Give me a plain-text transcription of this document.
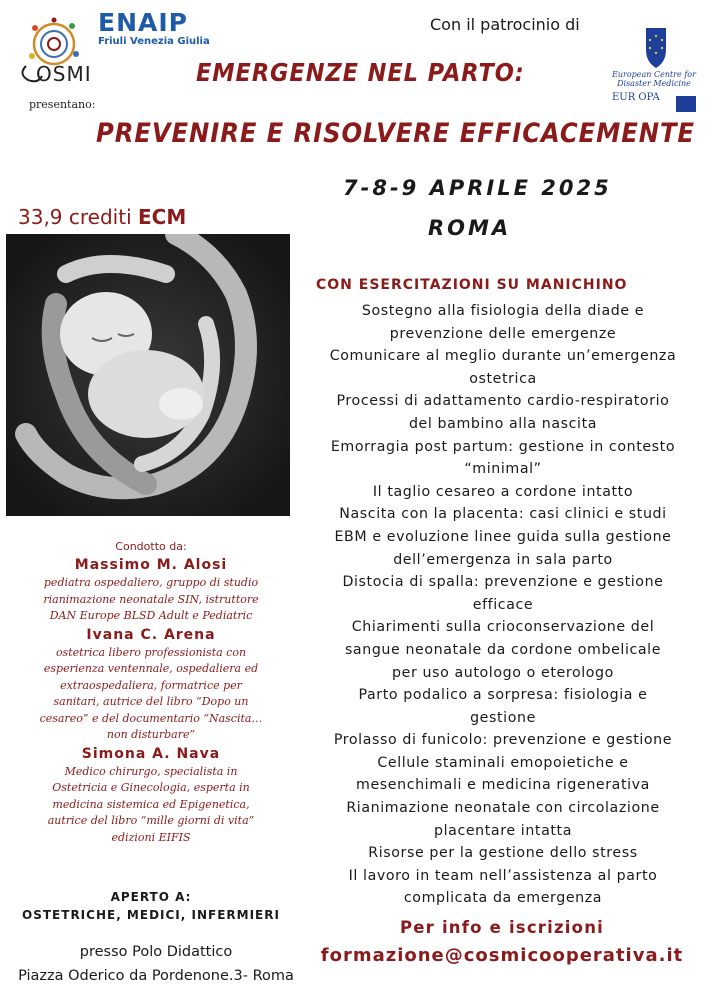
OSMI
presentano:
ENAIP
Friuli Venezia Giulia
Con il patrocinio di
European Centre for Disaster Medicine
EUR OPA
EMERGENZE NEL PARTO:
PREVENIRE E RISOLVERE EFFICACEMENTE
7-8-9 APRILE 2025
ROMA
33,9 crediti ECM
CON ESERCITAZIONI SU MANICHINO
Sostegno alla fisiologia della diade e
prevenzione delle emergenze
Comunicare al meglio durante un’emergenza
ostetrica
Processi di adattamento cardio-respiratorio
del bambino alla nascita
Emorragia post partum: gestione in contesto
“minimal”
Il taglio cesareo a cordone intatto
Nascita con la placenta: casi clinici e studi
EBM e evoluzione linee guida sulla gestione
dell’emergenza in sala parto
Distocia di spalla: prevenzione e gestione
efficace
Chiarimenti sulla crioconservazione del
sangue neonatale da cordone ombelicale
per uso autologo o eterologo
Parto podalico a sorpresa: fisiologia e
gestione
Prolasso di funicolo: prevenzione e gestione
Cellule staminali emopoietiche e
mesenchimali e medicina rigenerativa
Rianimazione neonatale con circolazione
placentare intatta
Risorse per la gestione dello stress
Il lavoro in team nell’assistenza al parto
complicata da emergenza
Condotto da:
Massimo M. Alosi
pediatra ospedaliero, gruppo di studio
rianimazione neonatale SIN, istruttore
DAN Europe BLSD Adult e Pediatric
Ivana C. Arena
ostetrica libero professionista con
esperienza ventennale, ospedaliera ed
extraospedaliera, formatrice per
sanitari, autrice del libro “Dopo un
cesareo” e del documentario “Nascita…
non disturbare”
Simona A. Nava
Medico chirurgo, specialista in
Ostetricia e Ginecologia, esperta in
medicina sistemica ed Epigenetica,
autrice del libro “mille giorni di vita”
edizioni EIFIS
APERTO A:
OSTETRICHE, MEDICI, INFERMIERI
presso Polo Didattico
Piazza Oderico da Pordenone.3- Roma
Per info e iscrizioni
formazione@cosmicooperativa.it
